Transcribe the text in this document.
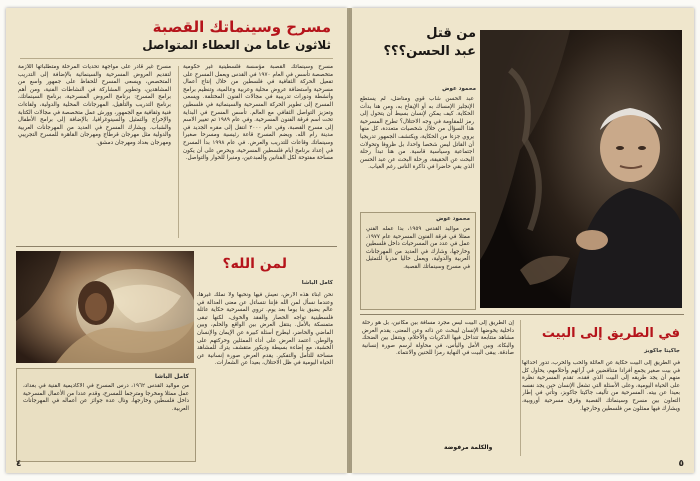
مسرح وسينماتك القصبة
ثلاثون عاما من العطاء المتواصل
مسرح وسينماتك القصبة مؤسسة فلسطينية غير حكومية متخصصة تأسس في العام ١٩٧٠ في القدس ويعمل المسرح على تفعيل الحركة الثقافية في فلسطين من خلال إنتاج أعمال مسرحية واستضافة عروض محلية وعربية وعالمية، وتنظيم برامج وأنشطة ودورات تدريبية في مجالات الفنون المختلفة. ويسعى المسرح إلى تطوير الحركة المسرحية والسينمائية في فلسطين وتعزيز التواصل الثقافي مع العالم. تأسس المسرح في البداية تحت اسم فرقة الفنون المسرحية. وفي عام ١٩٨٩ تم تغيير الاسم إلى مسرح القصبة، وفي عام ٢٠٠٠ انتقل إلى مقره الجديد في مدينة رام الله. ويضم المسرح قاعة رئيسية ومسرحا صغيرا وسينماتك وقاعات للتدريب والعرض. في عام ١٩٩٨ بدأ المسرح في إعداد برنامج أيام فلسطين المسرحية، ويحرص على أن يكون مساحة مفتوحة لكل الفنانين والمبدعين، ومنبرا للحوار والتواصل.
مسرح غير قادر على مواجهة تحديات المرحلة ومتطلباتها اللازمة لتقديم العروض المسرحية والسينمائية بالإضافة إلى التدريب المتخصص، ويسعى المسرح للحفاظ على جمهور واسع من المشاهدين، وتطوير المشاركة في النشاطات الفنية، ومن أهم برامج المسرح: برنامج العروض المسرحية، برنامج السينماتك، برنامج التدريب والتأهيل، المهرجانات المحلية والدولية، ولقاءات فنية وثقافية مع الجمهور، وورش عمل متخصصة في مجالات الكتابة والإخراج والتمثيل والسينوغرافيا، بالإضافة إلى برامج الأطفال والشباب. ويشارك المسرح في العديد من المهرجانات العربية والدولية مثل مهرجان قرطاج ومهرجان القاهرة للمسرح التجريبي ومهرجان بغداد ومهرجان دمشق.
لمن الله؟
كامل الباشا
نحن أبناء هذه الأرض، نعيش فيها ونحبها ولا نملك غيرها، وعندما نسأل لمن الله فإننا نتساءل عن معنى العدالة في عالم يضيق بنا يوما بعد يوم. تروي المسرحية حكاية عائلة فلسطينية تواجه الحصار والفقد والخوف، لكنها تبقى متمسكة بالأمل. ينتقل العرض بين الواقع والحلم، وبين الماضي والحاضر، ليطرح أسئلة كبيرة عن الإيمان والإنسان والوطن. اعتمد العرض على أداء الممثلين وحركتهم على الخشبة، مع إضاءة بسيطة وديكور متقشف يترك للمشاهد مساحة للتأمل والتفكير. يقدم العرض صورة إنسانية عن الحياة اليومية في ظل الاحتلال، بعيدا عن الشعارات.
كامل الباشا
من مواليد القدس ١٩٦٢، درس المسرح في الأكاديمية الفنية في بغداد، عمل ممثلا ومخرجا ومترجما للمسرح، وقدم عددا من الأعمال المسرحية داخل فلسطين وخارجها، ونال عدة جوائز عن أعماله في المهرجانات العربية.
٤
من قتل
عبد الحسن؟؟؟
محمود عوض
عبد الحسن شاب قوي ومناضل، لم يستطع الإنجليز الإمساك به أو الإيقاع به، ومن هنا بدأت الحكاية. كيف يمكن لإنسان بسيط أن يتحول إلى رمز للمقاومة في وجه الاحتلال؟ تطرح المسرحية هذا السؤال من خلال شخصيات متعددة، كل منها يروي جزءا من الحكاية، ويكتشف الجمهور تدريجيا أن القاتل ليس شخصا واحدا، بل ظروفا وتحولات اجتماعية وسياسية قاسية. من هنا تبدأ رحلة البحث عن الحقيقة، ورحلة البحث عن عبد الحسن الذي بقي حاضرا في ذاكرة الناس رغم الغياب.
محمود عوض
من مواليد القدس ١٩٥٩، بدأ عمله الفني ممثلا في فرقة الفنون المسرحية عام ١٩٧٧، عمل في عدد من المسرحيات داخل فلسطين وخارجها، وشارك في العديد من المهرجانات العربية والدولية، ويعمل حاليا مدربا للتمثيل في مسرح وسينماتك القصبة.
في الطريق إلى البيت
جاكيتا جاكوبز
في الطريق إلى البيت حكاية عن العائلة والحب والحرب، تدور أحداثها في بيت صغير يجمع أفرادا متناقضين في آرائهم وأحلامهم، يحاول كل منهم أن يجد طريقه إلى البيت الذي فقده. تقدم المسرحية نظرة على الحياة اليومية، وعلى الأسئلة التي تشغل الإنسان حين يجد نفسه بعيدا عن بيته. المسرحية من تأليف جاكيتا جاكوبز، وتأتي في إطار التعاون بين مسرح وسينماتك القصبة وفرق مسرحية أوروبية، ويشارك فيها ممثلون من فلسطين وخارجها.
إن الطريق إلى البيت ليس مجرد مسافة بين مكانين، بل هو رحلة داخلية يخوضها الإنسان ليبحث عن ذاته وعن المعنى. يقدم العرض مشاهد متتابعة تتداخل فيها الذكريات والأحلام، ويتنقل بين الضحك والبكاء، وبين الأمل واليأس، في محاولة لرسم صورة إنسانية صادقة. يبقى البيت في النهاية رمزا للحنين والانتماء.
والكلمة مرفوضة
٥
